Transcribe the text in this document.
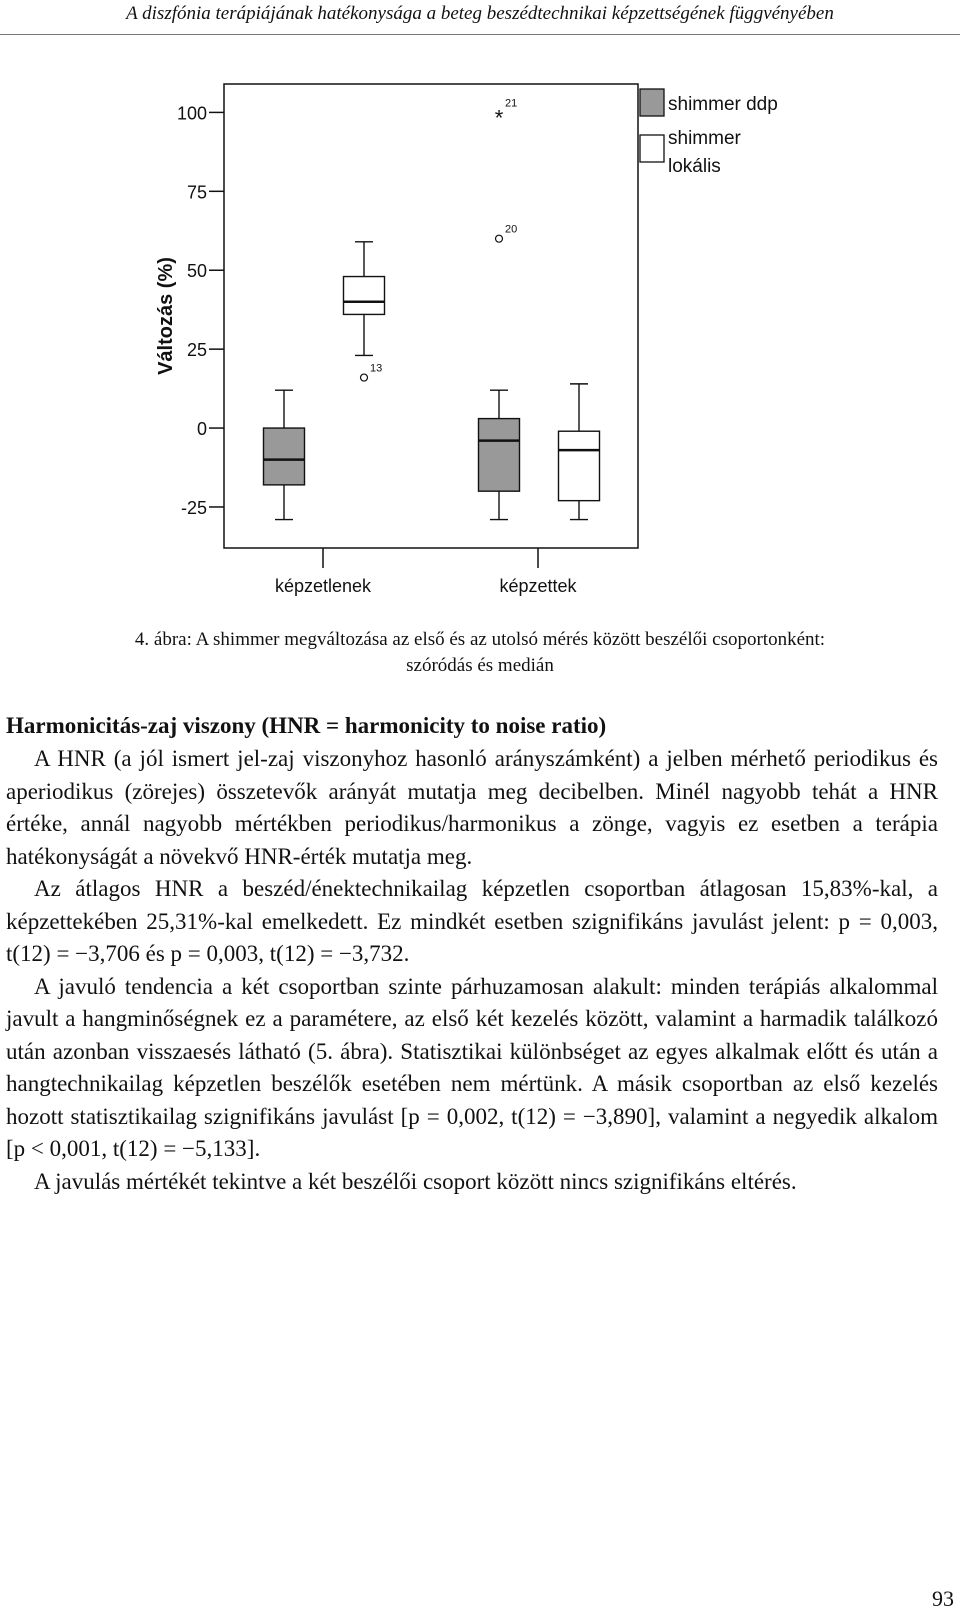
A diszfónia terápiájának hatékonysága a beteg beszédtechnikai képzettségének függvényében
Változás (%)
100
75
50
25
0
-25
képzetlenek	képzettek
13
20
*
21	shimmer ddp
shimmer lokális
4. ábra: A shimmer megváltozása az első és az utolsó mérés között beszélői csoportonként:
szóródás és medián
Harmonicitás-zaj viszony (HNR = harmonicity to noise ratio)

A HNR (a jól ismert jel-zaj viszonyhoz hasonló arányszámként) a jelben mérhető periodikus és aperiodikus (zörejes) összetevők arányát mutatja meg decibelben. Minél nagyobb tehát a HNR értéke, annál nagyobb mértékben periodikus/harmonikus a zönge, vagyis ez esetben a terápia hatékonyságát a növekvő HNR-érték mutatja meg.

Az átlagos HNR a beszéd/énektechnikailag képzetlen csoportban átlagosan 15,83%-kal, a képzettekében 25,31%-kal emelkedett. Ez mindkét esetben szignifikáns javulást jelent: p = 0,003, t(12) = −3,706 és p = 0,003, t(12) = −3,732.

A javuló tendencia a két csoportban szinte párhuzamosan alakult: minden terápiás alkalommal javult a hangminőségnek ez a paramétere, az első két kezelés között, valamint a harmadik találkozó után azonban visszaesés látható (5. ábra). Statisztikai különbséget az egyes alkalmak előtt és után a hangtechnikailag képzetlen beszélők esetében nem mértünk. A másik csoportban az első kezelés hozott statisztikailag szignifikáns javulást [p = 0,002, t(12) = −3,890], valamint a negyedik alkalom [p < 0,001, t(12) = −5,133].

A javulás mértékét tekintve a két beszélői csoport között nincs szignifikáns eltérés.

93
